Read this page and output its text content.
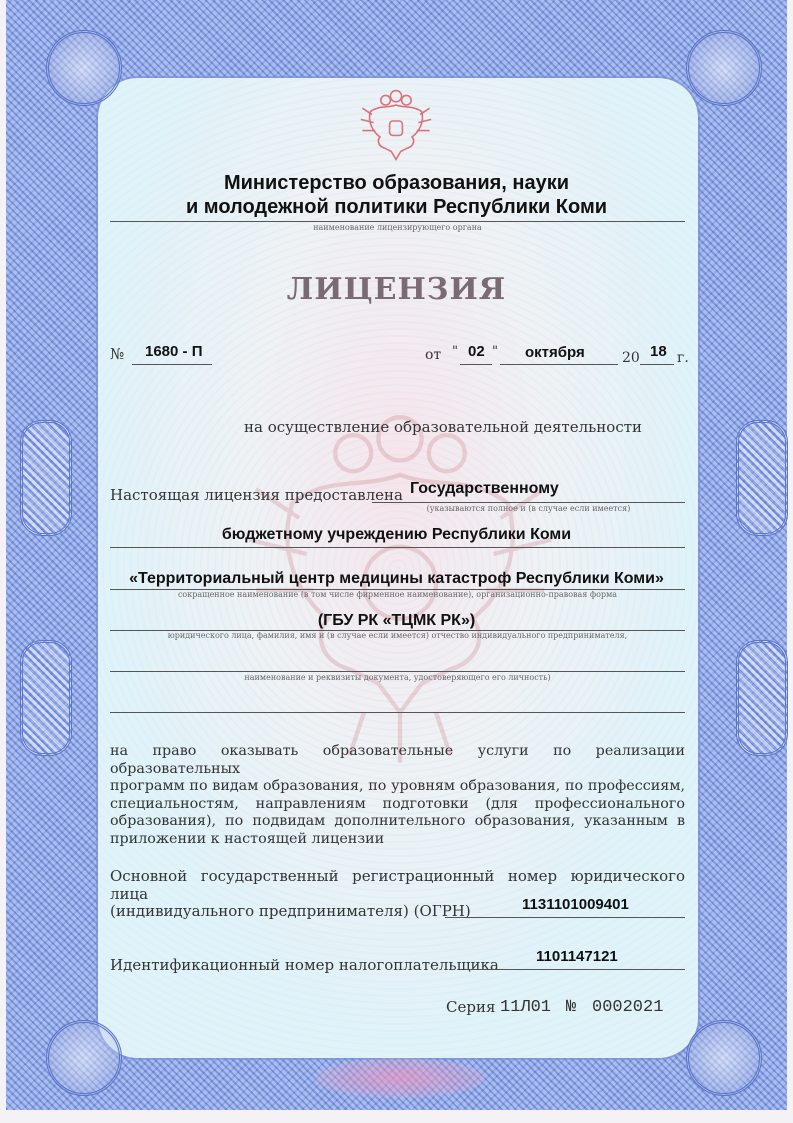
Министерство образования, науки
и молодежной политики Республики Коми
наименование лицензирующего органа
ЛИЦЕНЗИЯ
№ 1680 - П	от " 02 " октября	20 18 г.
на осуществление образовательной деятельности
Настоящая лицензия предоставлена Государственному
(указываются полное и (в случае если имеется)
бюджетному учреждению Республики Коми
«Территориальный центр медицины катастроф Республики Коми»
сокращенное наименование (в том числе фирменное наименование), организационно-правовая форма
(ГБУ РК «ТЦМК РК»)
юридического лица, фамилия, имя и (в случае если имеется) отчество индивидуального предпринимателя,
наименование и реквизиты документа, удостоверяющего его личность)
на право оказывать образовательные услуги по реализации образовательных
программ по видам образования, по уровням образования, по профессиям,
специальностям, направлениям подготовки (для профессионального
образования), по подвидам дополнительного образования, указанным в
приложении к настоящей лицензии
Основной государственный регистрационный номер юридического лица
(индивидуального предпринимателя) (ОГРН)	1131101009401
Идентификационный номер налогоплательщика 1101147121
Серия 11Л01 № 0002021
